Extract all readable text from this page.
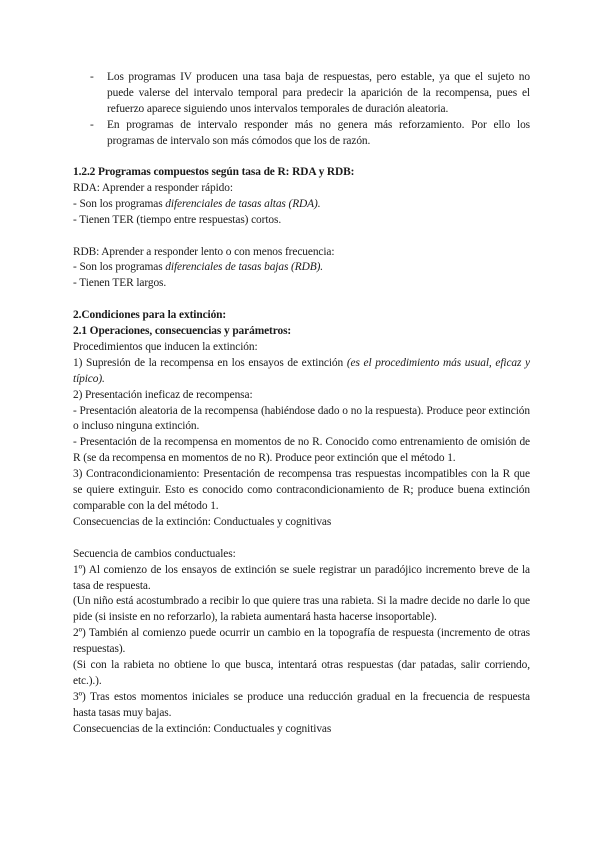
- Los programas IV producen una tasa baja de respuestas, pero estable, ya que el sujeto no puede valerse del intervalo temporal para predecir la aparición de la recompensa, pues el refuerzo aparece siguiendo unos intervalos temporales de duración aleatoria.
- En programas de intervalo responder más no genera más reforzamiento. Por ello los programas de intervalo son más cómodos que los de razón.

1.2.2 Programas compuestos según tasa de R: RDA y RDB:

RDA: Aprender a responder rápido:

- Son los programas diferenciales de tasas altas (RDA).

- Tienen TER (tiempo entre respuestas) cortos.

RDB: Aprender a responder lento o con menos frecuencia:

- Son los programas diferenciales de tasas bajas (RDB).

- Tienen TER largos.

2.Condiciones para la extinción:

2.1 Operaciones, consecuencias y parámetros:

Procedimientos que inducen la extinción:

1) Supresión de la recompensa en los ensayos de extinción (es el procedimiento más usual, eficaz y típico).

2) Presentación ineficaz de recompensa:

- Presentación aleatoria de la recompensa (habiéndose dado o no la respuesta). Produce peor extinción o incluso ninguna extinción.

- Presentación de la recompensa en momentos de no R. Conocido como entrenamiento de omisión de R (se da recompensa en momentos de no R). Produce peor extinción que el método 1.

3) Contracondicionamiento: Presentación de recompensa tras respuestas incompatibles con la R que se quiere extinguir. Esto es conocido como contracondicionamiento de R; produce buena extinción comparable con la del método 1.

Consecuencias de la extinción: Conductuales y cognitivas

Secuencia de cambios conductuales:

1º) Al comienzo de los ensayos de extinción se suele registrar un paradójico incremento breve de la tasa de respuesta.

(Un niño está acostumbrado a recibir lo que quiere tras una rabieta. Si la madre decide no darle lo que pide (si insiste en no reforzarlo), la rabieta aumentará hasta hacerse insoportable).

2º) También al comienzo puede ocurrir un cambio en la topografía de respuesta (incremento de otras respuestas).

(Si con la rabieta no obtiene lo que busca, intentará otras respuestas (dar patadas, salir corriendo, etc.).).

3º) Tras estos momentos iniciales se produce una reducción gradual en la frecuencia de respuesta hasta tasas muy bajas.

Consecuencias de la extinción: Conductuales y cognitivas
